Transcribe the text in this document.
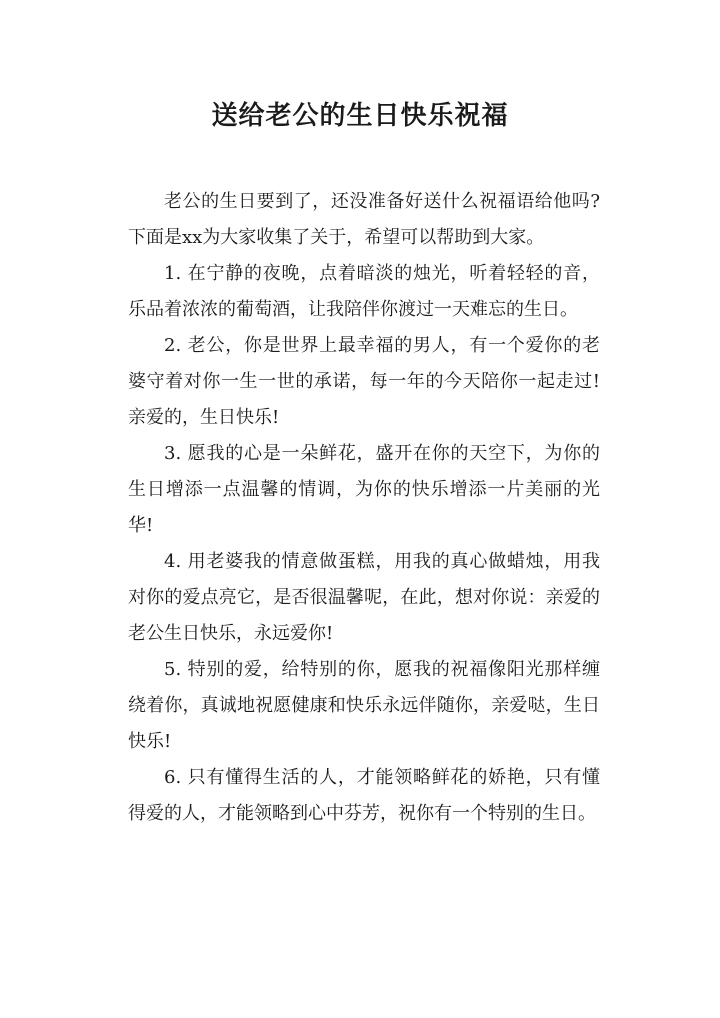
送给老公的生日快乐祝福

老公的生日要到了，还没准备好送什么祝福语给他吗?下面是xx为大家收集了关于，希望可以帮助到大家。

1. 在宁静的夜晚，点着暗淡的烛光，听着轻轻的音，乐品着浓浓的葡萄酒，让我陪伴你渡过一天难忘的生日。

2. 老公，你是世界上最幸福的男人，有一个爱你的老婆守着对你一生一世的承诺，每一年的今天陪你一起走过!亲爱的，生日快乐!

3. 愿我的心是一朵鲜花，盛开在你的天空下，为你的生日增添一点温馨的情调，为你的快乐增添一片美丽的光华!

4. 用老婆我的情意做蛋糕，用我的真心做蜡烛，用我对你的爱点亮它，是否很温馨呢，在此，想对你说：亲爱的老公生日快乐，永远爱你!

5. 特别的爱，给特别的你，愿我的祝福像阳光那样缠绕着你，真诚地祝愿健康和快乐永远伴随你，亲爱哒，生日快乐!

6. 只有懂得生活的人，才能领略鲜花的娇艳，只有懂得爱的人，才能领略到心中芬芳，祝你有一个特别的生日。
